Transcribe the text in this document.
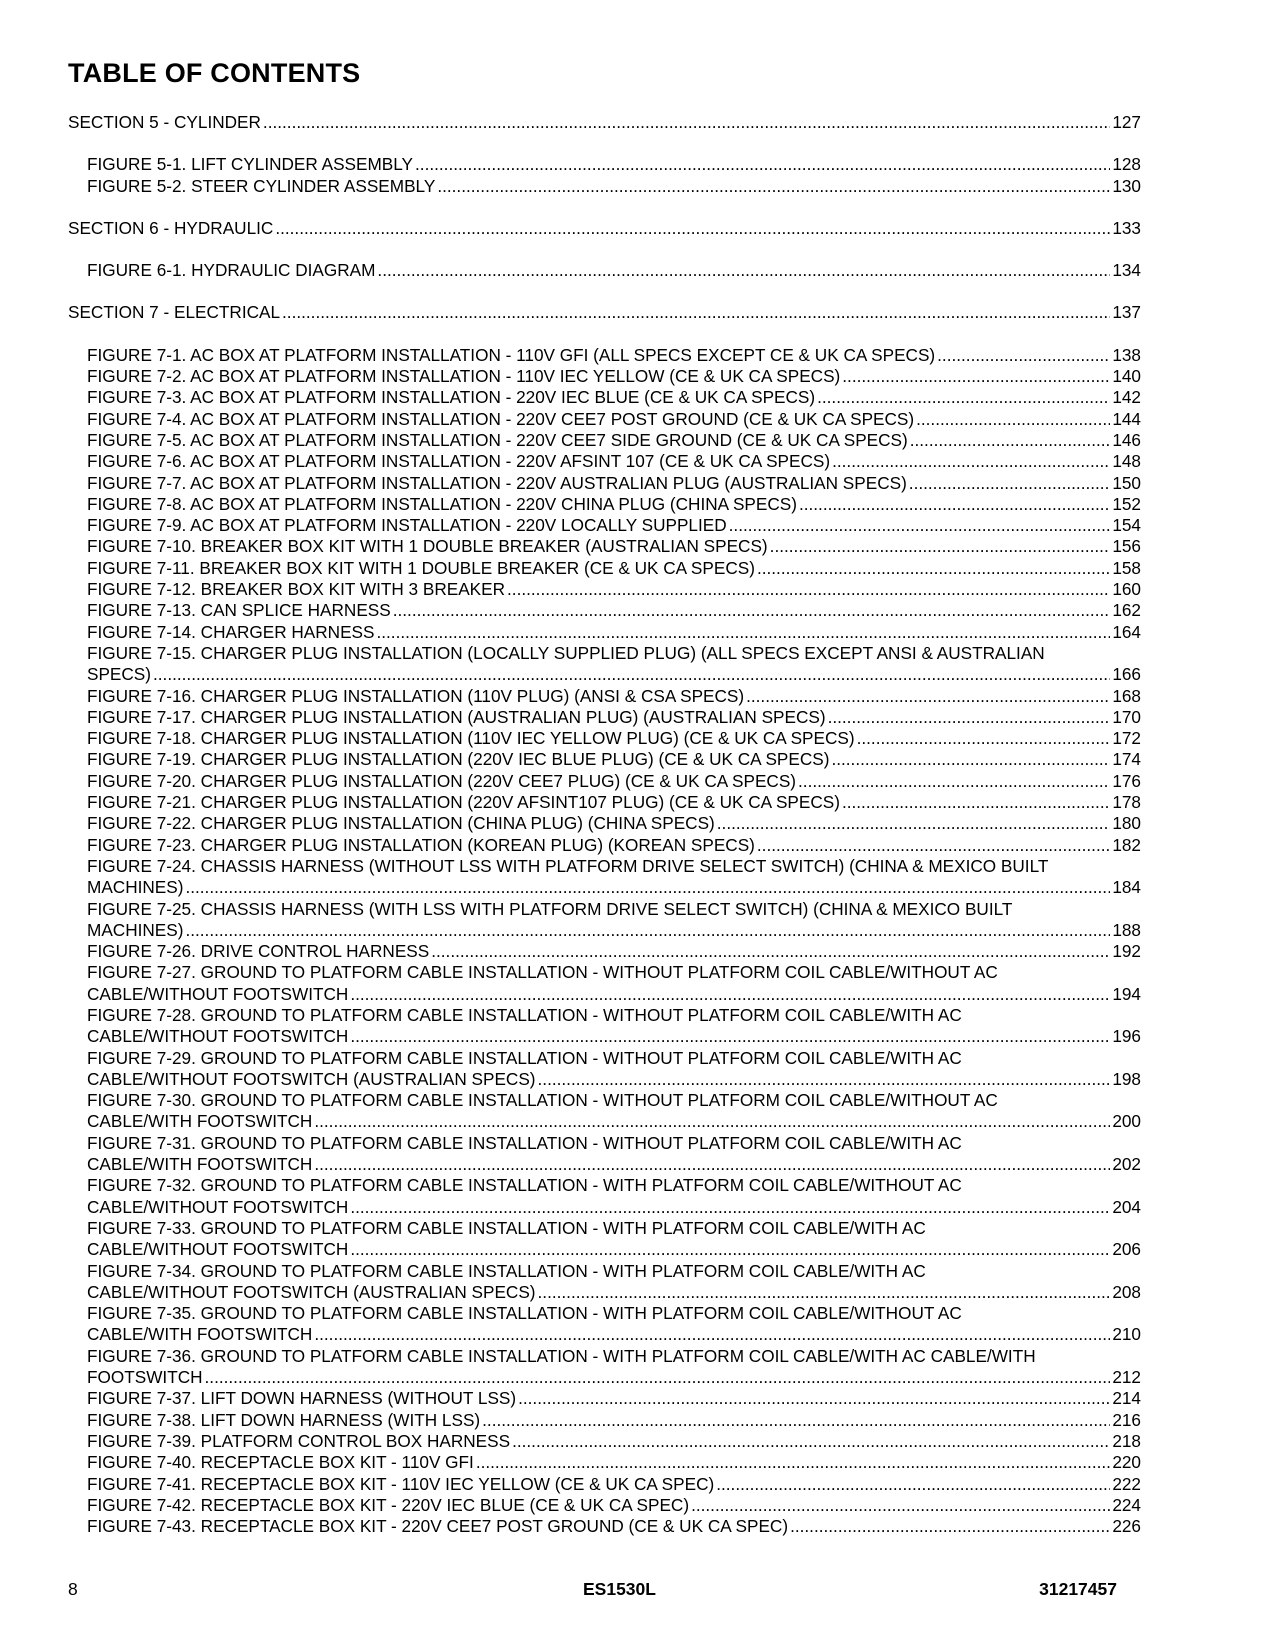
TABLE OF CONTENTS
SECTION 5 - CYLINDER .....	127
FIGURE 5-1. LIFT CYLINDER ASSEMBLY .....	128
FIGURE 5-2. STEER CYLINDER ASSEMBLY .....	130
SECTION 6 - HYDRAULIC .....	133
FIGURE 6-1. HYDRAULIC DIAGRAM .....	134
SECTION 7 - ELECTRICAL .....	137
FIGURE 7-1. AC BOX AT PLATFORM INSTALLATION - 110V GFI (ALL SPECS EXCEPT CE & UK CA SPECS) .....	138
FIGURE 7-2. AC BOX AT PLATFORM INSTALLATION - 110V IEC YELLOW (CE & UK CA SPECS) .....	140
FIGURE 7-3. AC BOX AT PLATFORM INSTALLATION - 220V IEC BLUE (CE & UK CA SPECS) .....	142
FIGURE 7-4. AC BOX AT PLATFORM INSTALLATION - 220V CEE7 POST GROUND (CE & UK CA SPECS) .....	144
FIGURE 7-5. AC BOX AT PLATFORM INSTALLATION - 220V CEE7 SIDE GROUND (CE & UK CA SPECS) .....	146
FIGURE 7-6. AC BOX AT PLATFORM INSTALLATION - 220V AFSINT 107 (CE & UK CA SPECS) .....	148
FIGURE 7-7. AC BOX AT PLATFORM INSTALLATION - 220V AUSTRALIAN PLUG (AUSTRALIAN SPECS) .....	150
FIGURE 7-8. AC BOX AT PLATFORM INSTALLATION - 220V CHINA PLUG (CHINA SPECS) .....	152
FIGURE 7-9. AC BOX AT PLATFORM INSTALLATION - 220V LOCALLY SUPPLIED .....	154
FIGURE 7-10. BREAKER BOX KIT WITH 1 DOUBLE BREAKER (AUSTRALIAN SPECS) .....	156
FIGURE 7-11. BREAKER BOX KIT WITH 1 DOUBLE BREAKER (CE & UK CA SPECS) .....	158
FIGURE 7-12. BREAKER BOX KIT WITH 3 BREAKER .....	160
FIGURE 7-13. CAN SPLICE HARNESS .....	162
FIGURE 7-14. CHARGER HARNESS .....	164
FIGURE 7-15. CHARGER PLUG INSTALLATION (LOCALLY SUPPLIED PLUG) (ALL SPECS EXCEPT ANSI & AUSTRALIAN
SPECS) .....	166
FIGURE 7-16. CHARGER PLUG INSTALLATION (110V PLUG) (ANSI & CSA SPECS) .....	168
FIGURE 7-17. CHARGER PLUG INSTALLATION (AUSTRALIAN PLUG) (AUSTRALIAN SPECS) .....	170
FIGURE 7-18. CHARGER PLUG INSTALLATION (110V IEC YELLOW PLUG) (CE & UK CA SPECS) .....	172
FIGURE 7-19. CHARGER PLUG INSTALLATION (220V IEC BLUE PLUG) (CE & UK CA SPECS) .....	174
FIGURE 7-20. CHARGER PLUG INSTALLATION (220V CEE7 PLUG) (CE & UK CA SPECS) .....	176
FIGURE 7-21. CHARGER PLUG INSTALLATION (220V AFSINT107 PLUG) (CE & UK CA SPECS) .....	178
FIGURE 7-22. CHARGER PLUG INSTALLATION (CHINA PLUG) (CHINA SPECS) .....	180
FIGURE 7-23. CHARGER PLUG INSTALLATION (KOREAN PLUG) (KOREAN SPECS) .....	182
FIGURE 7-24. CHASSIS HARNESS (WITHOUT LSS WITH PLATFORM DRIVE SELECT SWITCH) (CHINA & MEXICO BUILT
MACHINES) .....	184
FIGURE 7-25. CHASSIS HARNESS (WITH LSS WITH PLATFORM DRIVE SELECT SWITCH) (CHINA & MEXICO BUILT
MACHINES) .....	188
FIGURE 7-26. DRIVE CONTROL HARNESS .....	192
FIGURE 7-27. GROUND TO PLATFORM CABLE INSTALLATION - WITHOUT PLATFORM COIL CABLE/WITHOUT AC
CABLE/WITHOUT FOOTSWITCH .....	194
FIGURE 7-28. GROUND TO PLATFORM CABLE INSTALLATION - WITHOUT PLATFORM COIL CABLE/WITH AC
CABLE/WITHOUT FOOTSWITCH .....	196
FIGURE 7-29. GROUND TO PLATFORM CABLE INSTALLATION - WITHOUT PLATFORM COIL CABLE/WITH AC
CABLE/WITHOUT FOOTSWITCH (AUSTRALIAN SPECS) .....	198
FIGURE 7-30. GROUND TO PLATFORM CABLE INSTALLATION - WITHOUT PLATFORM COIL CABLE/WITHOUT AC
CABLE/WITH FOOTSWITCH .....	200
FIGURE 7-31. GROUND TO PLATFORM CABLE INSTALLATION - WITHOUT PLATFORM COIL CABLE/WITH AC
CABLE/WITH FOOTSWITCH .....	202
FIGURE 7-32. GROUND TO PLATFORM CABLE INSTALLATION - WITH PLATFORM COIL CABLE/WITHOUT AC
CABLE/WITHOUT FOOTSWITCH .....	204
FIGURE 7-33. GROUND TO PLATFORM CABLE INSTALLATION - WITH PLATFORM COIL CABLE/WITH AC
CABLE/WITHOUT FOOTSWITCH .....	206
FIGURE 7-34. GROUND TO PLATFORM CABLE INSTALLATION - WITH PLATFORM COIL CABLE/WITH AC
CABLE/WITHOUT FOOTSWITCH (AUSTRALIAN SPECS) .....	208
FIGURE 7-35. GROUND TO PLATFORM CABLE INSTALLATION - WITH PLATFORM COIL CABLE/WITHOUT AC
CABLE/WITH FOOTSWITCH .....	210
FIGURE 7-36. GROUND TO PLATFORM CABLE INSTALLATION - WITH PLATFORM COIL CABLE/WITH AC CABLE/WITH
FOOTSWITCH .....	212
FIGURE 7-37. LIFT DOWN HARNESS (WITHOUT LSS) .....	214
FIGURE 7-38. LIFT DOWN HARNESS (WITH LSS) .....	216
FIGURE 7-39. PLATFORM CONTROL BOX HARNESS .....	218
FIGURE 7-40. RECEPTACLE BOX KIT - 110V GFI .....	220
FIGURE 7-41. RECEPTACLE BOX KIT - 110V IEC YELLOW (CE & UK CA SPEC) .....	222
FIGURE 7-42. RECEPTACLE BOX KIT - 220V IEC BLUE (CE & UK CA SPEC) .....	224
FIGURE 7-43. RECEPTACLE BOX KIT - 220V CEE7 POST GROUND (CE & UK CA SPEC) .....	226
8	ES1530L	31217457
